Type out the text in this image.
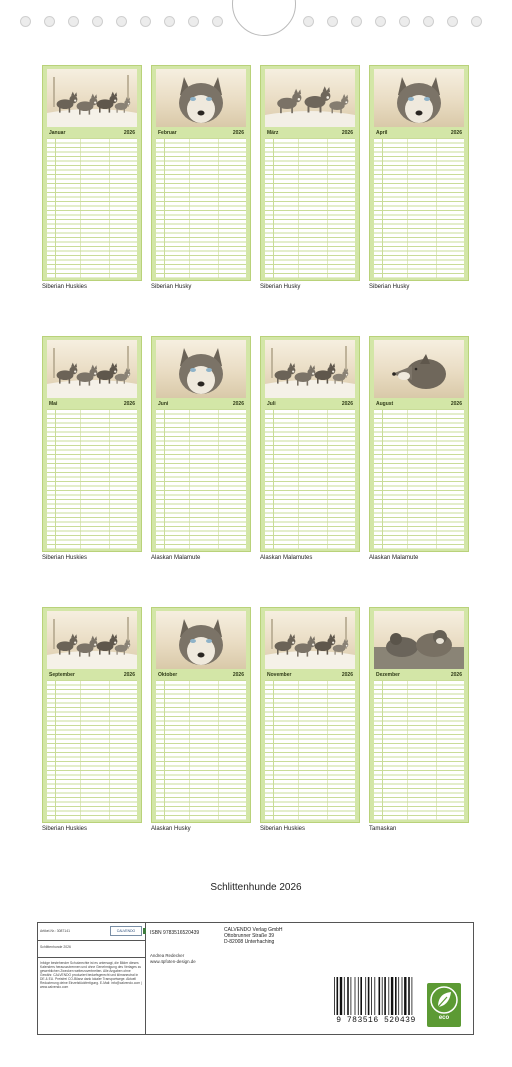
Januar	2026
Siberian Huskies
Februar	2026
Siberian Husky
März	2026
Siberian Husky
April	2026
Siberian Husky
Mai	2026
Siberian Huskies
Juni	2026
Alaskan Malamute
Juli	2026
Alaskan Malamutes
August	2026
Alaskan Malamute
September	2026
Siberian Huskies
Oktober	2026
Alaskan Husky
November	2026
Siberian Huskies
Dezember	2026
Tamaskan
Schlittenhunde 2026
Artikel-Nr.: 3087141	CALVENDO
Schlittenhunde 2026
Infolge bestehender Schutzrechte ist es untersagt, die Bilder dieses Kalenders herauszutrennen und ohne Genehmigung des Verlages zu gewerblichen Zwecken weiterzuverbreiten. Alle Angaben ohne Gewähr. CALVENDO produziert bedarfsgerecht und klimaneutral in DE & EU. Preisfrei CO-Bilanz dank lokaler Transportwege. Aktuell Reduzierung deine Einzelstückfertigung. E-Mail: info@calvendo.com | www.calvendo.com
ISBN 9783516520439
Andrea Redecker
www.4pfoten-design.de
CALVENDO Verlag GmbH
Ottobrunner Straße 39
D-82008 Unterhaching
9 783516 520439	eco
